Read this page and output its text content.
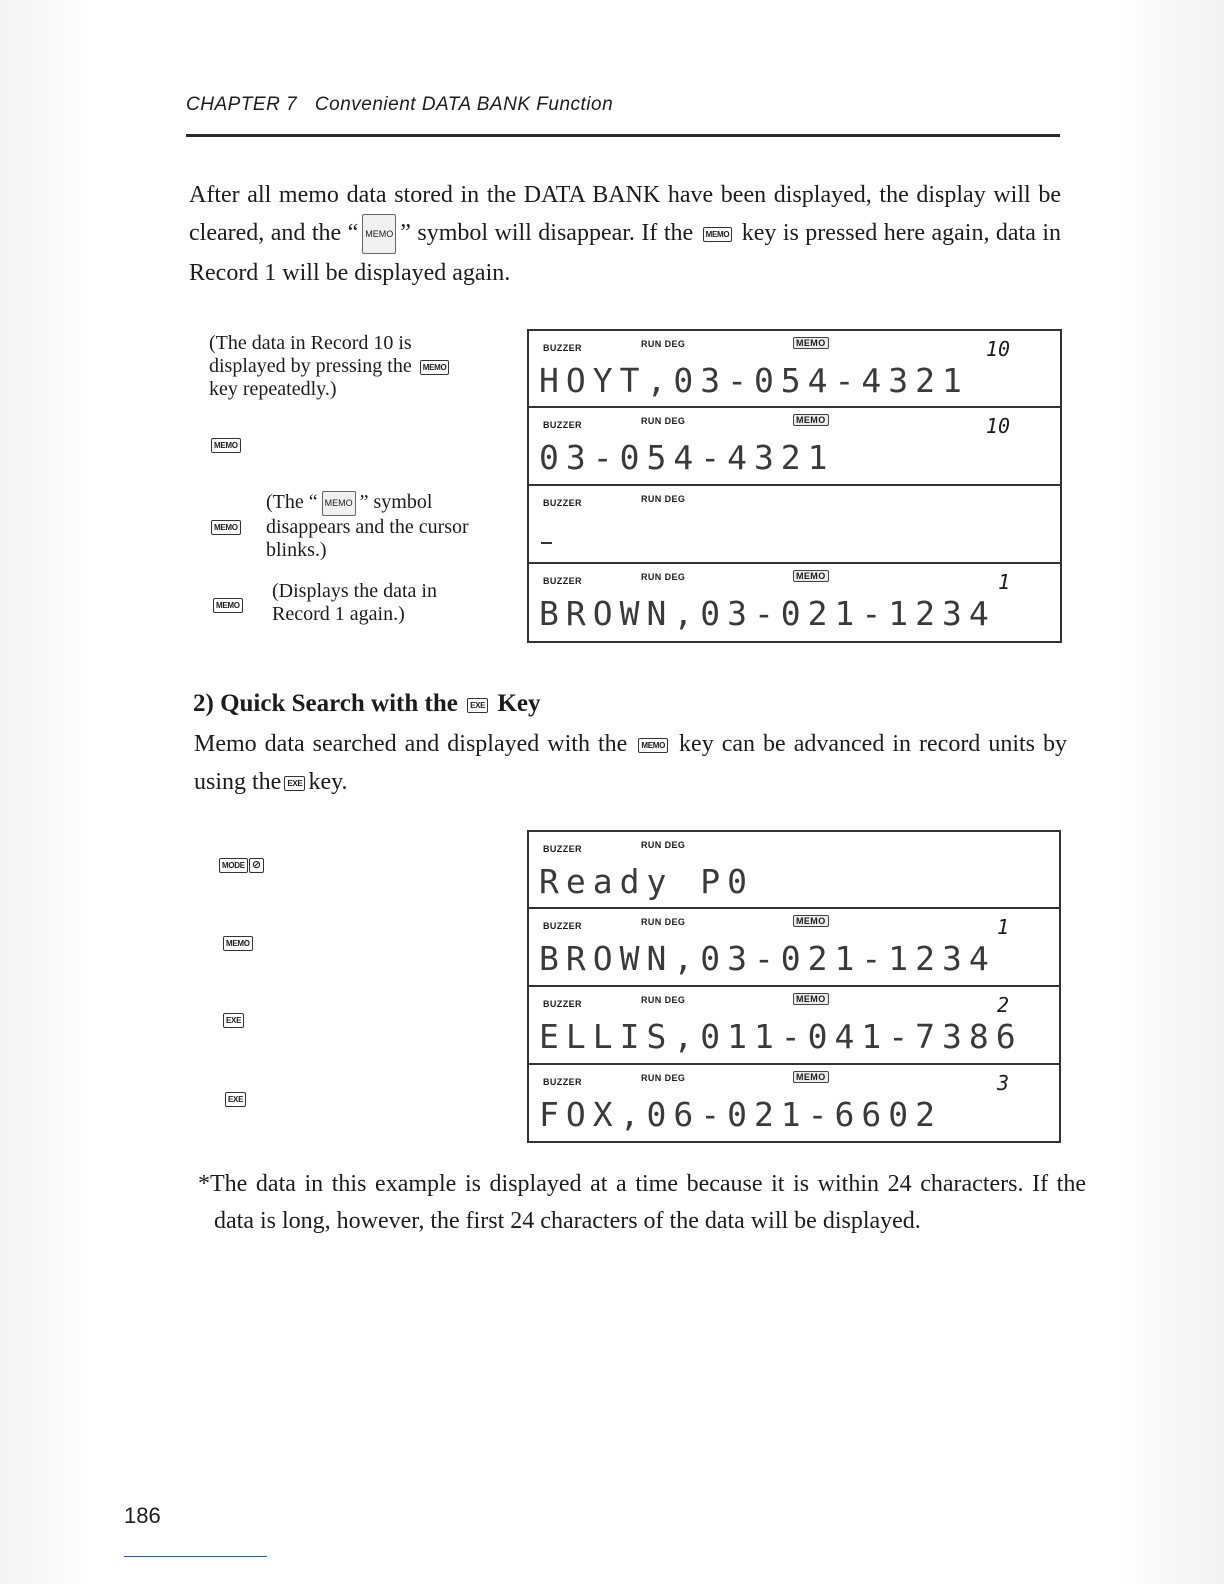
CHAPTER 7 Convenient DATA BANK Function
After all memo data stored in the DATA BANK have been displayed, the display will be cleared, and the “ MEMO ” symbol will disappear. If the MEMO key is pressed here again, data in Record 1 will be displayed again.
(The data in Record 10 is displayed by pressing the MEMOkey repeatedly.)
MEMO
MEMO
(The “ MEMO ” symbol disappears and the cursor blinks.)
MEMO
(Displays the data in Record 1 again.)
BUZZER	RUN DEG	MEMO	10
HOYT,03-054-4321
BUZZER	RUN DEG	MEMO	10
03-054-4321
BUZZER	RUN DEG
BUZZER	RUN DEG	MEMO	1
BROWN,03-021-1234
2) Quick Search with the EXE Key
Memo data searched and displayed with the MEMO key can be advanced in record units by using the EXE key.
MODE ⊘
MEMO
EXE
EXE
BUZZER	RUN DEG
Ready P0
BUZZER	RUN DEG	MEMO	1
BROWN,03-021-1234
BUZZER	RUN DEG	MEMO	2
ELLIS,011-041-7386
BUZZER	RUN DEG	MEMO	3
FOX,06-021-6602
*The data in this example is displayed at a time because it is within 24 characters. If the data is long, however, the first 24 characters of the data will be displayed.
186
